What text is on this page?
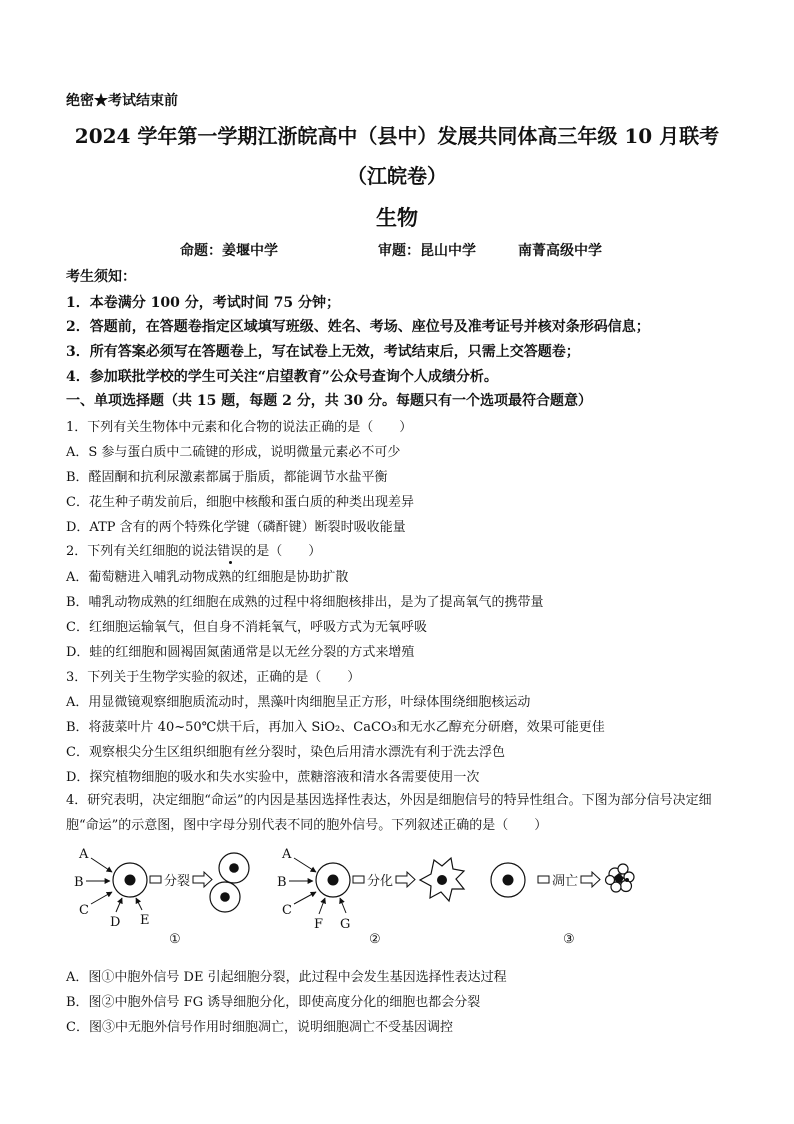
绝密★考试结束前
2024 学年第一学期江浙皖高中（县中）发展共同体高三年级 10 月联考
（江皖卷）
生物
命题：姜堰中学	审题：昆山中学	南菁高级中学
考生须知：
1．本卷满分 100 分，考试时间 75 分钟；
2．答题前，在答题卷指定区域填写班级、姓名、考场、座位号及准考证号并核对条形码信息；
3．所有答案必须写在答题卷上，写在试卷上无效，考试结束后，只需上交答题卷；
4．参加联批学校的学生可关注“启望教育”公众号查询个人成绩分析。
一、单项选择题（共 15 题，每题 2 分，共 30 分。每题只有一个选项最符合题意）
1．下列有关生物体中元素和化合物的说法正确的是（　　）
A．S 参与蛋白质中二硫键的形成，说明微量元素必不可少
B．醛固酮和抗利尿激素都属于脂质，都能调节水盐平衡
C．花生种子萌发前后，细胞中核酸和蛋白质的种类出现差异
D．ATP 含有的两个特殊化学键（磷酐键）断裂时吸收能量
2．下列有关红细胞的说法错误的是（　　）
A．葡萄糖进入哺乳动物成熟的红细胞是协助扩散
B．哺乳动物成熟的红细胞在成熟的过程中将细胞核排出，是为了提高氧气的携带量
C．红细胞运输氧气，但自身不消耗氧气，呼吸方式为无氧呼吸
D．蛙的红细胞和圆褐固氮菌通常是以无丝分裂的方式来增殖
3．下列关于生物学实验的叙述，正确的是（　　）
A．用显微镜观察细胞质流动时，黑藻叶肉细胞呈正方形，叶绿体围绕细胞核运动
B．将菠菜叶片 40~50℃烘干后，再加入 SiO₂、CaCO₃和无水乙醇充分研磨，效果可能更佳
C．观察根尖分生区组织细胞有丝分裂时，染色后用清水漂洗有利于洗去浮色
D．探究植物细胞的吸水和失水实验中，蔗糖溶液和清水各需要使用一次
4．研究表明，决定细胞“命运”的内因是基因选择性表达，外因是细胞信号的特异性组合。下图为部分信号决定细胞“命运”的示意图，图中字母分别代表不同的胞外信号。下列叙述正确的是（　　）
A
B
C
D E
分裂
①
A
B
C
F G
分化
②
凋亡
③
A．图①中胞外信号 DE 引起细胞分裂，此过程中会发生基因选择性表达过程
B．图②中胞外信号 FG 诱导细胞分化，即使高度分化的细胞也都会分裂
C．图③中无胞外信号作用时细胞凋亡，说明细胞凋亡不受基因调控
